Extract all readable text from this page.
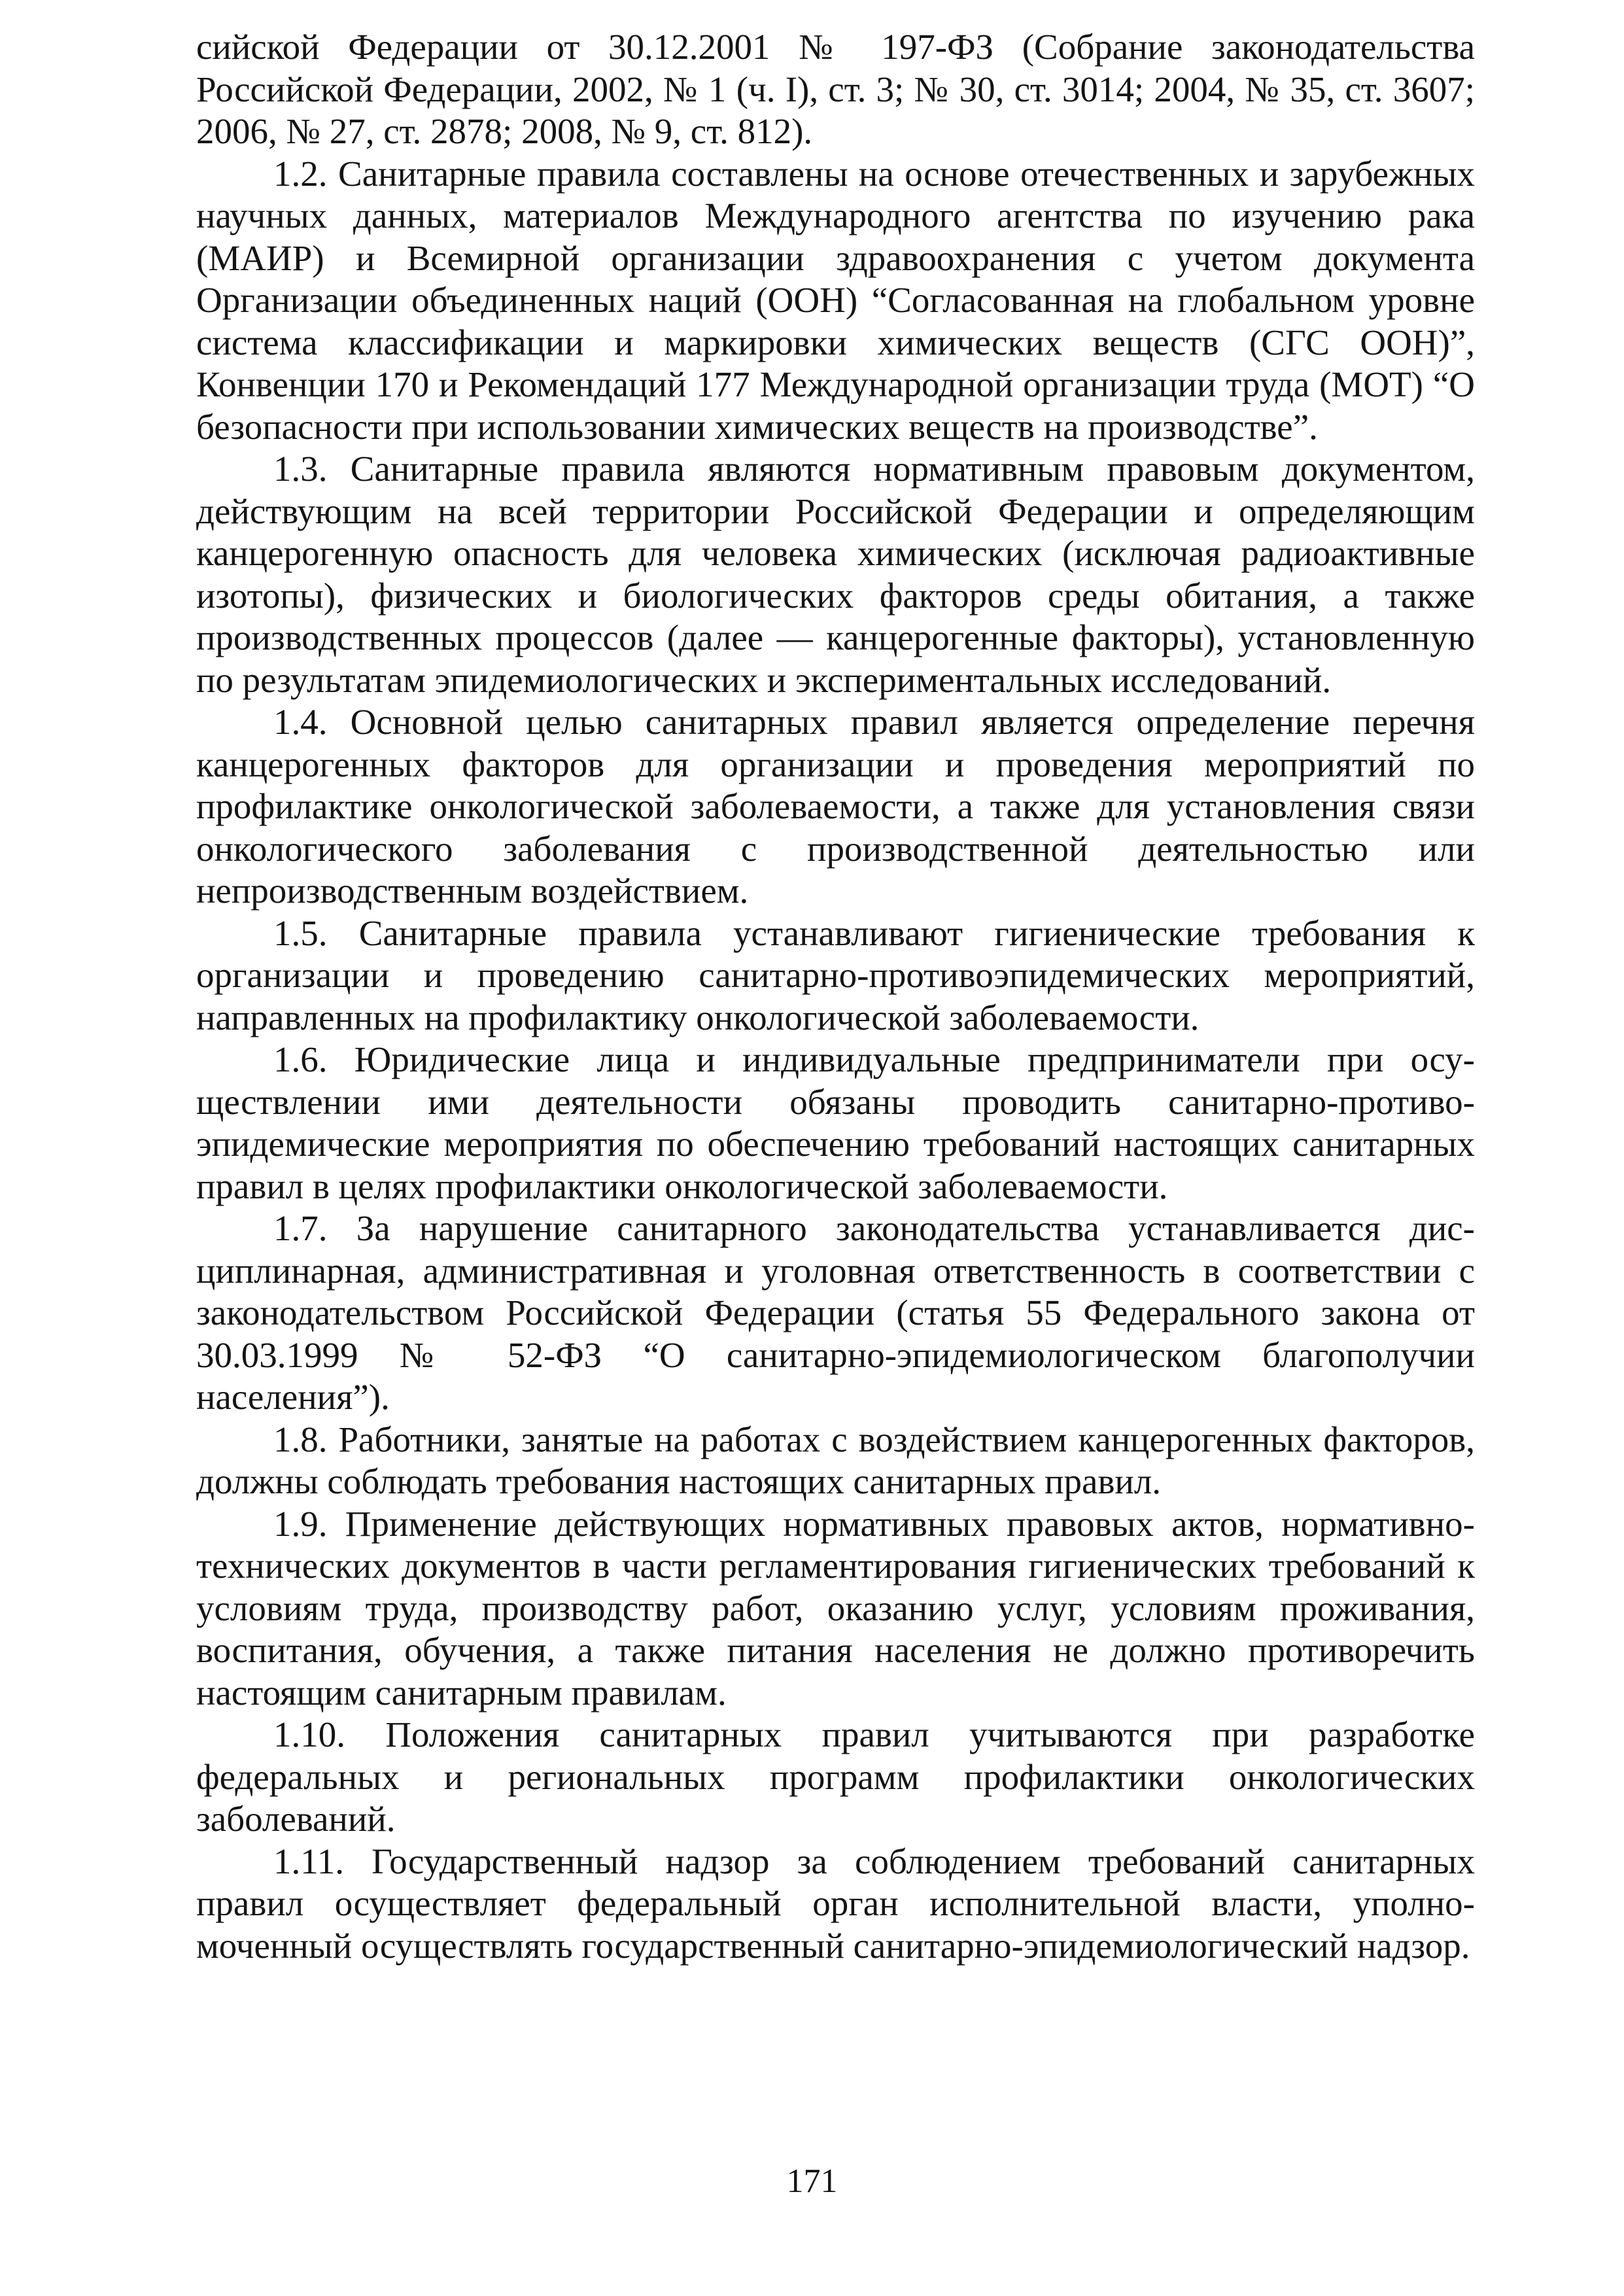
сийской Федерации от 30.12.2001 № 197-ФЗ (Собрание законодательства Российской Федерации, 2002, № 1 (ч. I), ст. 3; № 30, ст. 3014; 2004, № 35, ст. 3607; 2006, № 27, ст. 2878; 2008, № 9, ст. 812).

1.2. Санитарные правила составлены на основе отечественных и зарубежных научных данных, материалов Международного агентства по изучению рака (МАИР) и Всемирной организации здравоохранения с учетом документа Организации объединенных наций (ООН) “Согласованная на глобальном уровне система классификации и маркировки химических веществ (СГС ООН)”, Конвенции 170 и Рекомендаций 177 Международной организации труда (МОТ) “О безопасности при использовании химических веществ на производстве”.

1.3. Санитарные правила являются нормативным правовым документом, действующим на всей территории Российской Федерации и определяющим канцерогенную опасность для человека химических (исключая радиоактивные изотопы), физических и биологических факторов среды обитания, а также производственных процессов (далее — канцерогенные факторы), установленную по результатам эпидемиологических и экспериментальных исследований.

1.4. Основной целью санитарных правил является определение перечня канцерогенных факторов для организации и проведения мероприятий по профилактике онкологической заболеваемости, а также для установления связи онкологического заболевания с производственной деятельностью или непроизводственным воздействием.

1.5. Санитарные правила устанавливают гигиенические требования к организации и проведению санитарно-противоэпидемических мероприятий, направленных на профилактику онкологической заболеваемости.

1.6. Юридические лица и индивидуальные предприниматели при осуществлении ими деятельности обязаны проводить санитарно-противоэпидемические мероприятия по обеспечению требований настоящих санитарных правил в целях профилактики онкологической заболеваемости.

1.7. За нарушение санитарного законодательства устанавливается дисциплинарная, административная и уголовная ответственность в соответствии с законодательством Российской Федерации (статья 55 Федерального закона от 30.03.1999 № 52-ФЗ “О санитарно-эпидемиологическом благополучии населения”).

1.8. Работники, занятые на работах с воздействием канцерогенных факторов, должны соблюдать требования настоящих санитарных правил.

1.9. Применение действующих нормативных правовых актов, нормативно-технических документов в части регламентирования гигиенических требований к условиям труда, производству работ, оказанию услуг, условиям проживания, воспитания, обучения, а также питания населения не должно противоречить настоящим санитарным правилам.

1.10. Положения санитарных правил учитываются при разработке федеральных и региональных программ профилактики онкологических заболеваний.

1.11. Государственный надзор за соблюдением требований санитарных правил осуществляет федеральный орган исполнительной власти, уполномоченный осуществлять государственный санитарно-эпидемиологический надзор.

171
